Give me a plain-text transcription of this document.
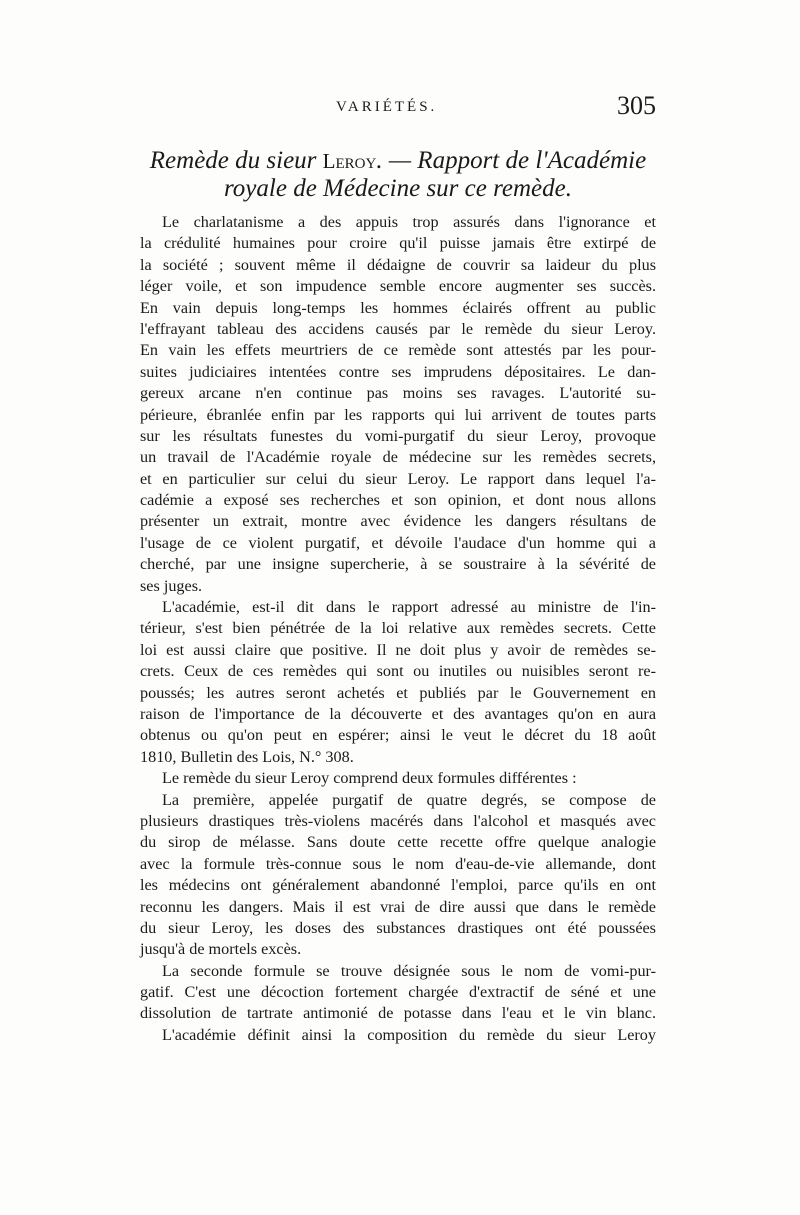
VARIÉTÉS.	305
Remède du sieur Leroy. — Rapport de l'Académie
royale de Médecine sur ce remède.
Le charlatanisme a des appuis trop assurés dans l'ignorance et
la crédulité humaines pour croire qu'il puisse jamais être extirpé de
la société ; souvent même il dédaigne de couvrir sa laideur du plus
léger voile, et son impudence semble encore augmenter ses succès.
En vain depuis long-temps les hommes éclairés offrent au public
l'effrayant tableau des accidens causés par le remède du sieur Leroy.
En vain les effets meurtriers de ce remède sont attestés par les pour-
suites judiciaires intentées contre ses imprudens dépositaires. Le dan-
gereux arcane n'en continue pas moins ses ravages. L'autorité su-
périeure, ébranlée enfin par les rapports qui lui arrivent de toutes parts
sur les résultats funestes du vomi-purgatif du sieur Leroy, provoque
un travail de l'Académie royale de médecine sur les remèdes secrets,
et en particulier sur celui du sieur Leroy. Le rapport dans lequel l'a-
cadémie a exposé ses recherches et son opinion, et dont nous allons
présenter un extrait, montre avec évidence les dangers résultans de
l'usage de ce violent purgatif, et dévoile l'audace d'un homme qui a
cherché, par une insigne supercherie, à se soustraire à la sévérité de
ses juges.
L'académie, est-il dit dans le rapport adressé au ministre de l'in-
térieur, s'est bien pénétrée de la loi relative aux remèdes secrets. Cette
loi est aussi claire que positive. Il ne doit plus y avoir de remèdes se-
crets. Ceux de ces remèdes qui sont ou inutiles ou nuisibles seront re-
poussés; les autres seront achetés et publiés par le Gouvernement en
raison de l'importance de la découverte et des avantages qu'on en aura
obtenus ou qu'on peut en espérer; ainsi le veut le décret du 18 août
1810, Bulletin des Lois, N.° 308.
Le remède du sieur Leroy comprend deux formules différentes :
La première, appelée purgatif de quatre degrés, se compose de
plusieurs drastiques très-violens macérés dans l'alcohol et masqués avec
du sirop de mélasse. Sans doute cette recette offre quelque analogie
avec la formule très-connue sous le nom d'eau-de-vie allemande, dont
les médecins ont généralement abandonné l'emploi, parce qu'ils en ont
reconnu les dangers. Mais il est vrai de dire aussi que dans le remède
du sieur Leroy, les doses des substances drastiques ont été poussées
jusqu'à de mortels excès.
La seconde formule se trouve désignée sous le nom de vomi-pur-
gatif. C'est une décoction fortement chargée d'extractif de séné et une
dissolution de tartrate antimonié de potasse dans l'eau et le vin blanc.
L'académie définit ainsi la composition du remède du sieur Leroy
